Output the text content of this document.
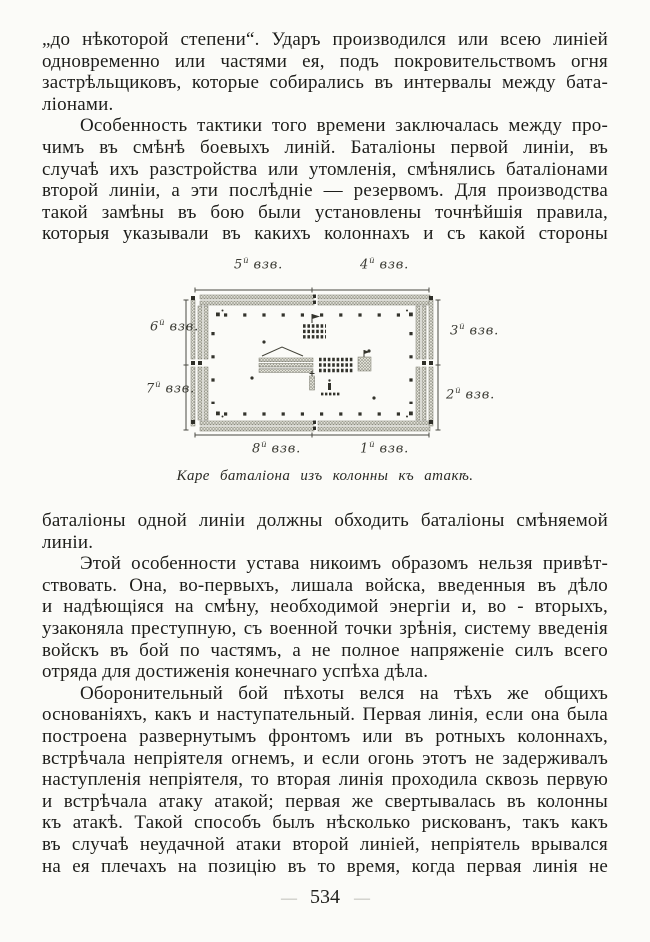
„до нѣкоторой степени“. Ударъ производился или всею линіей
одновременно или частями ея, подъ покровительствомъ огня
застрѣльщиковъ, которые собирались въ интервалы между бата-
ліонами.
Особенность тактики того времени заключалась между про-
чимъ въ смѣнѣ боевыхъ линій. Баталіоны первой линіи, въ
случаѣ ихъ разстройства или утомленія, смѣнялись баталіонами
второй линіи, а эти послѣдніе — резервомъ. Для производства
такой замѣны въ бою были установлены точнѣйшія правила,
которыя указывали въ какихъ колоннахъ и съ какой стороны
$5^й$ взв.	$4^й$ взв.
$6^й$ взв.	$3^й$ взв.
$7^й$ взв.	$2^й$ взв.
$8^й$ взв.	$1^й$ взв.
Каре баталіона изъ колонны къ атакѣ.
баталіоны одной линіи должны обходить баталіоны смѣняемой
линіи.
Этой особенности устава никоимъ образомъ нельзя привѣт-
ствовать. Она, во-первыхъ, лишала войска, введенныя въ дѣло
и надѣющіяся на смѣну, необходимой энергіи и, во - вторыхъ,
узаконяла преступную, съ военной точки зрѣнія, систему введенія
войскъ въ бой по частямъ, а не полное напряженіе силъ всего
отряда для достиженія конечнаго успѣха дѣла.
Оборонительный бой пѣхоты велся на тѣхъ же общихъ
основаніяхъ, какъ и наступательный. Первая линія, если она была
построена развернутымъ фронтомъ или въ ротныхъ колоннахъ,
встрѣчала непріятеля огнемъ, и если огонь этотъ не задерживалъ
наступленія непріятеля, то вторая линія проходила сквозь первую
и встрѣчала атаку атакой; первая же свертывалась въ колонны
къ атакѣ. Такой способъ былъ нѣсколько рискованъ, такъ какъ
въ случаѣ неудачной атаки второй линіей, непріятель врывался
на ея плечахъ на позицію въ то время, когда первая линія не
— 534 —
